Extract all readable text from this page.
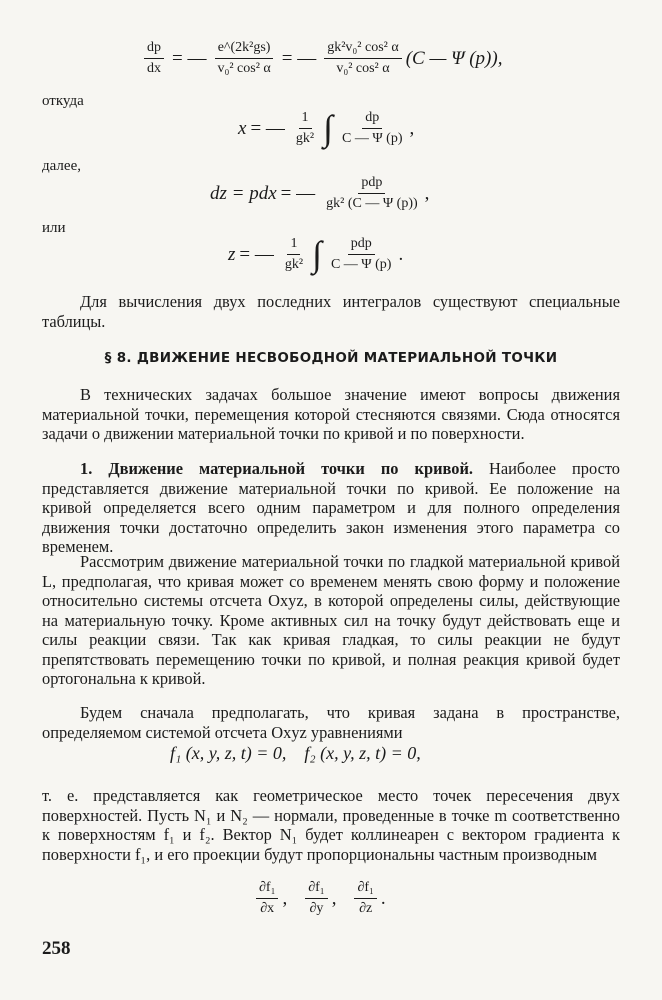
$\frac{dp}{dx}$ = — $\frac{\text{e\textasciicircum{}(2k²gs)}}{\text{v₀² cos² α}}$ = — $\frac{\text{gk²v₀² cos² α}}{\text{v₀² cos² α}} (C$ — Ψ (p)),
откуда
x = — $\frac{1}{\text{gk²}}$ ∫ $\frac{dp}{C — \Psi (p)}$ ,
далее,
dz = pdx = — $\frac{\text{pdp}}{\text{gk² (C — Ψ (p))}}$ ,
или
z = — $\frac{1}{\text{gk²}}$ ∫ $\frac{\text{pdp}}{C — \Psi (p)}$ .

Для вычисления двух последних интегралов существуют специальные таблицы.

§ 8. ДВИЖЕНИЕ НЕСВОБОДНОЙ МАТЕРИАЛЬНОЙ ТОЧКИ

В технических задачах большое значение имеют вопросы движения материальной точки, перемещения которой стесняются связями. Сюда относятся задачи о движении материальной точки по кривой и по поверхности.

1. Движение материальной точки по кривой. Наиболее просто представляется движение материальной точки по кривой. Ее положение на кривой определяется всего одним параметром и для полного определения движения точки достаточно определить закон изменения этого параметра со временем.

Рассмотрим движение материальной точки по гладкой материальной кривой L, предполагая, что кривая может со временем менять свою форму и положение относительно системы отсчета Oxyz, в которой определены силы, действующие на материальную точку. Кроме активных сил на точку будут действовать еще и силы реакции связи. Так как кривая гладкая, то силы реакции не будут препятствовать перемещению точки по кривой, и полная реакция кривой будет ортогональна к кривой.

Будем сначала предполагать, что кривая задана в пространстве, определяемом системой отсчета Oxyz уравнениями

f₁ (x, y, z, t) = 0, f₂ (x, y, z, t) = 0,

т. е. представляется как геометрическое место точек пересечения двух поверхностей. Пусть N₁ и N₂ — нормали, проведенные в точке m соответственно к поверхностям f₁ и f₂. Вектор N₁ будет коллинеарен с вектором градиента к поверхности f₁, и его проекции будут пропорциональны частным производным

$\frac{\text{∂f₁}}{\partial x}$ , $\frac{\text{∂f₁}}{\partial y}$ , $\frac{\text{∂f₁}}{\partial z}$ .
258
